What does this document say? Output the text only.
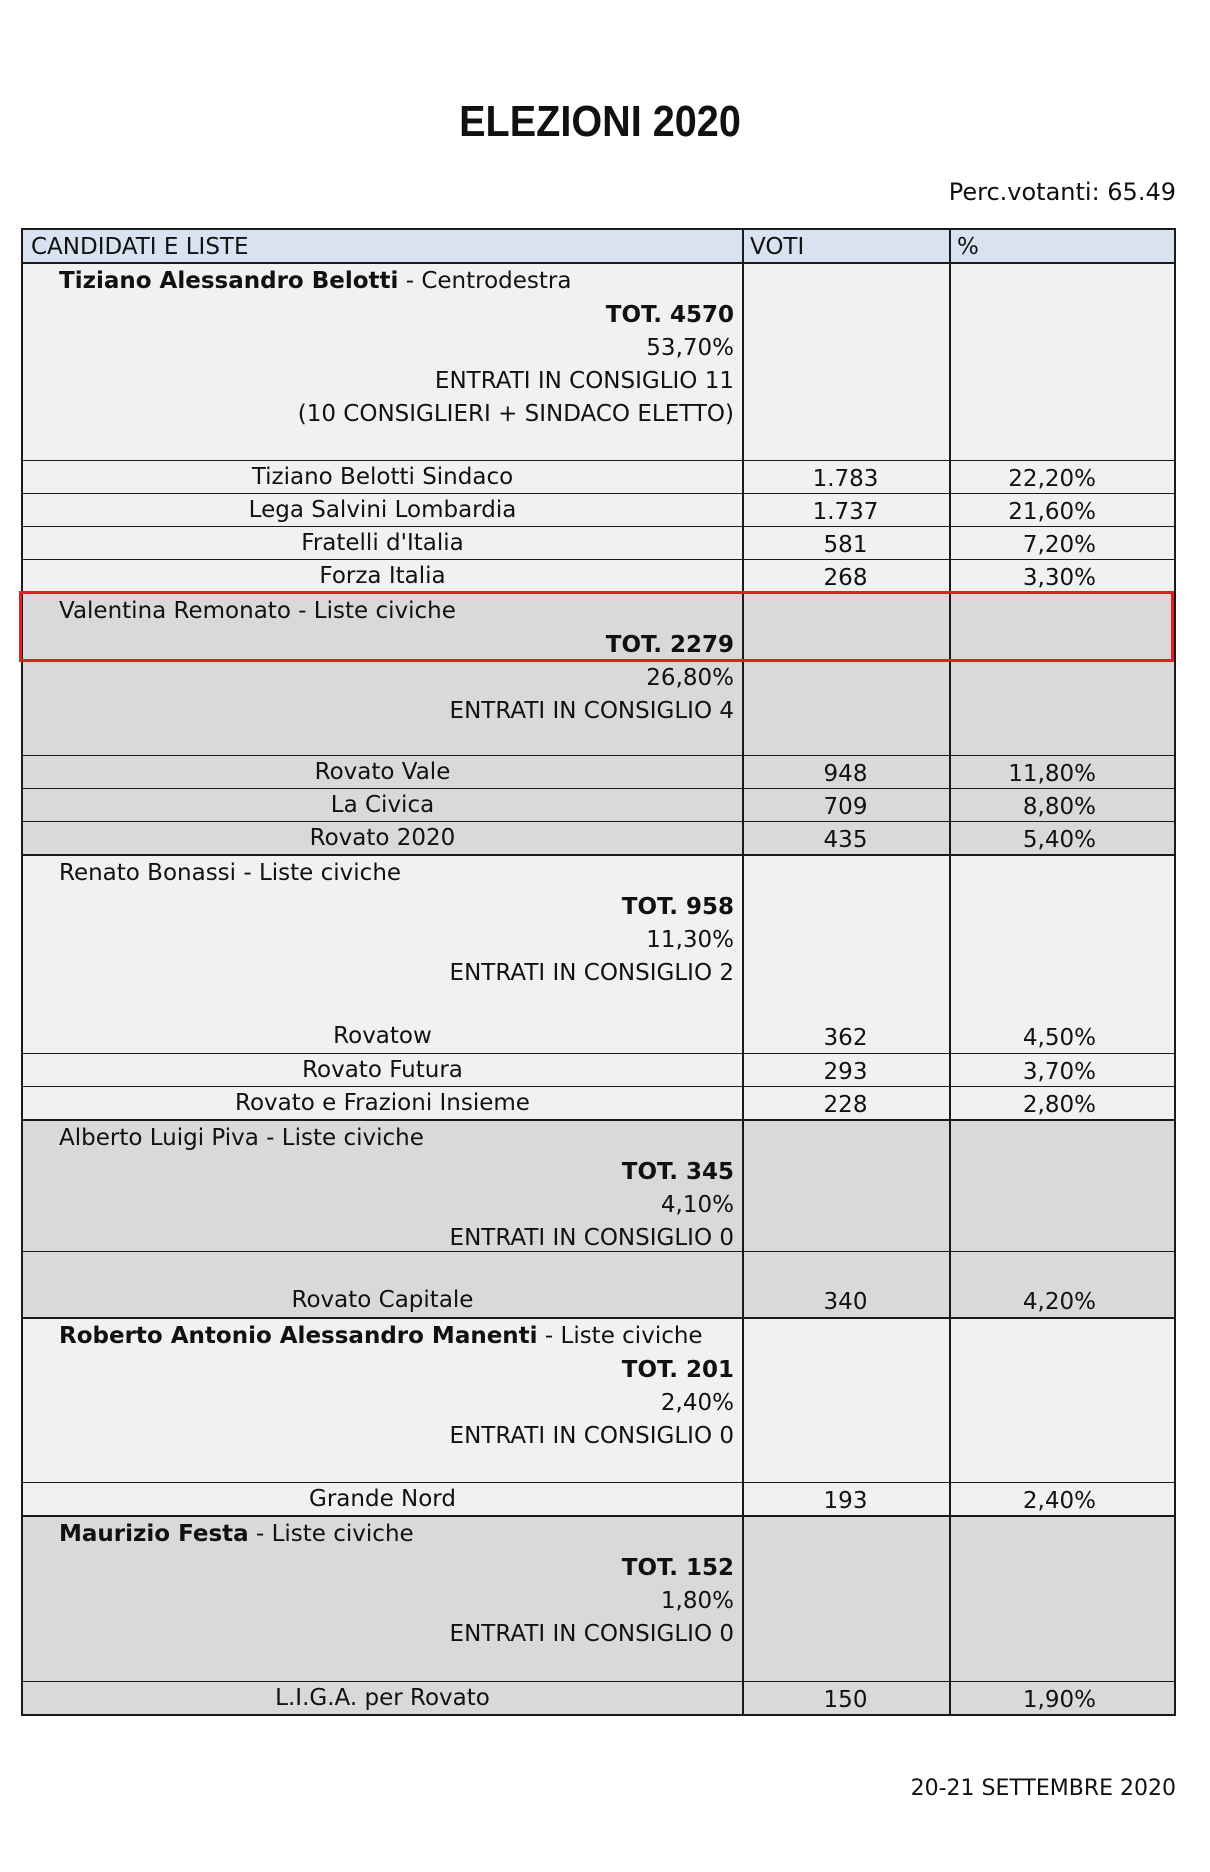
ELEZIONI 2020
Perc.votanti: 65.49
CANDIDATI E LISTE	VOTI	%
Tiziano Alessandro Belotti - Centrodestra
TOT. 4570
53,70%
ENTRATI IN CONSIGLIO 11
(10 CONSIGLIERI + SINDACO ELETTO)
Tiziano Belotti Sindaco	1.783	22,20%
Lega Salvini Lombardia	1.737	21,60%
Fratelli d'Italia	581	7,20%
Forza Italia	268	3,30%
Valentina Remonato - Liste civiche
TOT. 2279
26,80%
ENTRATI IN CONSIGLIO 4
Rovato Vale	948	11,80%
La Civica	709	8,80%
Rovato 2020	435	5,40%
Renato Bonassi - Liste civiche
TOT. 958
11,30%
ENTRATI IN CONSIGLIO 2
Rovatow	362	4,50%
Rovato Futura	293	3,70%
Rovato e Frazioni Insieme	228	2,80%
Alberto Luigi Piva - Liste civiche
TOT. 345
4,10%
ENTRATI IN CONSIGLIO 0
Rovato Capitale	340	4,20%
Roberto Antonio Alessandro Manenti - Liste civiche
TOT. 201
2,40%
ENTRATI IN CONSIGLIO 0
Grande Nord	193	2,40%
Maurizio Festa - Liste civiche
TOT. 152
1,80%
ENTRATI IN CONSIGLIO 0
L.I.G.A. per Rovato	150	1,90%
20-21 SETTEMBRE 2020
